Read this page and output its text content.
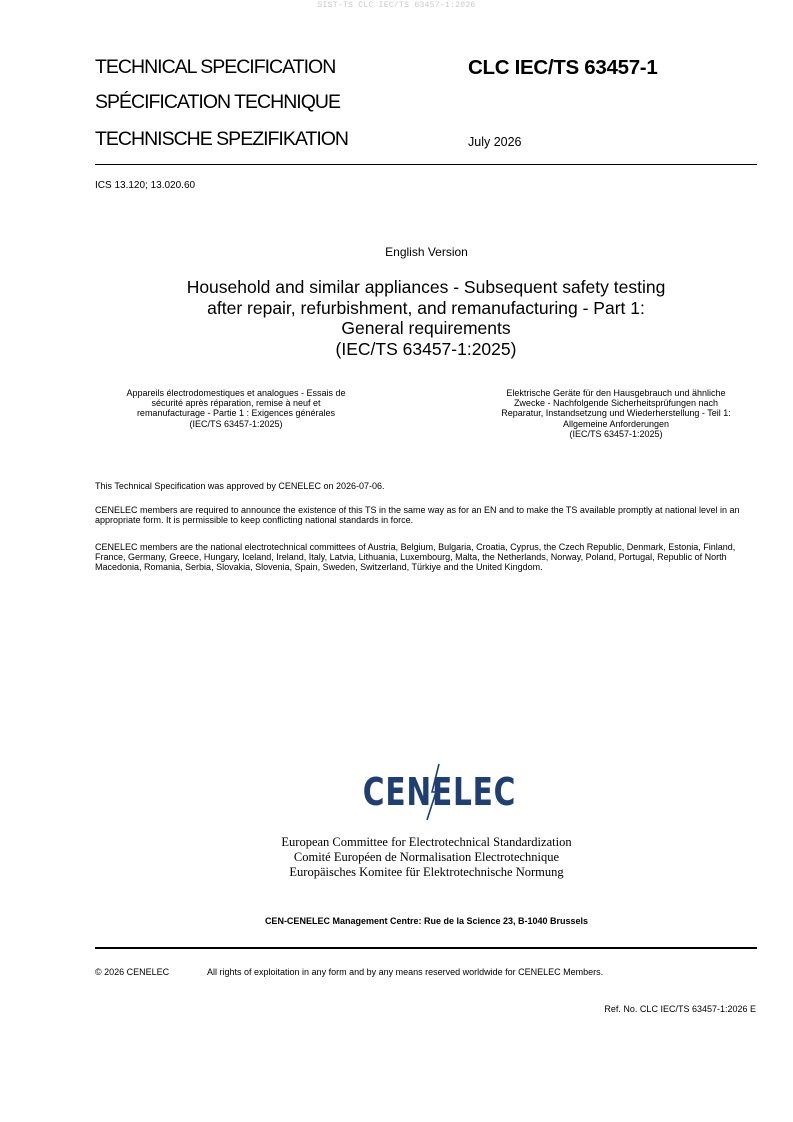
SIST-TS CLC IEC/TS 63457-1:2026
TECHNICAL SPECIFICATION
SPÉCIFICATION TECHNIQUE
TECHNISCHE SPEZIFIKATION
CLC IEC/TS 63457-1
July 2026
ICS 13.120; 13.020.60
English Version
Household and similar appliances - Subsequent safety testing
after repair, refurbishment, and remanufacturing - Part 1:
General requirements
(IEC/TS 63457-1:2025)
Appareils électrodomestiques et analogues - Essais de
sécurité après réparation, remise à neuf et
remanufacturage - Partie 1 : Exigences générales
(IEC/TS 63457-1:2025)
Elektrische Geräte für den Hausgebrauch und ähnliche
Zwecke - Nachfolgende Sicherheitsprüfungen nach
Reparatur, Instandsetzung und Wiederherstellung - Teil 1:
Allgemeine Anforderungen
(IEC/TS 63457-1:2025)
This Technical Specification was approved by CENELEC on 2026-07-06.
CENELEC members are required to announce the existence of this TS in the same way as for an EN and to make the TS available promptly at national level in an appropriate form. It is permissible to keep conflicting national standards in force.
CENELEC members are the national electrotechnical committees of Austria, Belgium, Bulgaria, Croatia, Cyprus, the Czech Republic, Denmark, Estonia, Finland, France, Germany, Greece, Hungary, Iceland, Ireland, Italy, Latvia, Lithuania, Luxembourg, Malta, the Netherlands, Norway, Poland, Portugal, Republic of North Macedonia, Romania, Serbia, Slovakia, Slovenia, Spain, Sweden, Switzerland, Türkiye and the United Kingdom.
CENELEC
European Committee for Electrotechnical Standardization
Comité Européen de Normalisation Electrotechnique
Europäisches Komitee für Elektrotechnische Normung
CEN-CENELEC Management Centre: Rue de la Science 23, B-1040 Brussels
© 2026 CENELEC	All rights of exploitation in any form and by any means reserved worldwide for CENELEC Members.
Ref. No. CLC IEC/TS 63457-1:2026 E
